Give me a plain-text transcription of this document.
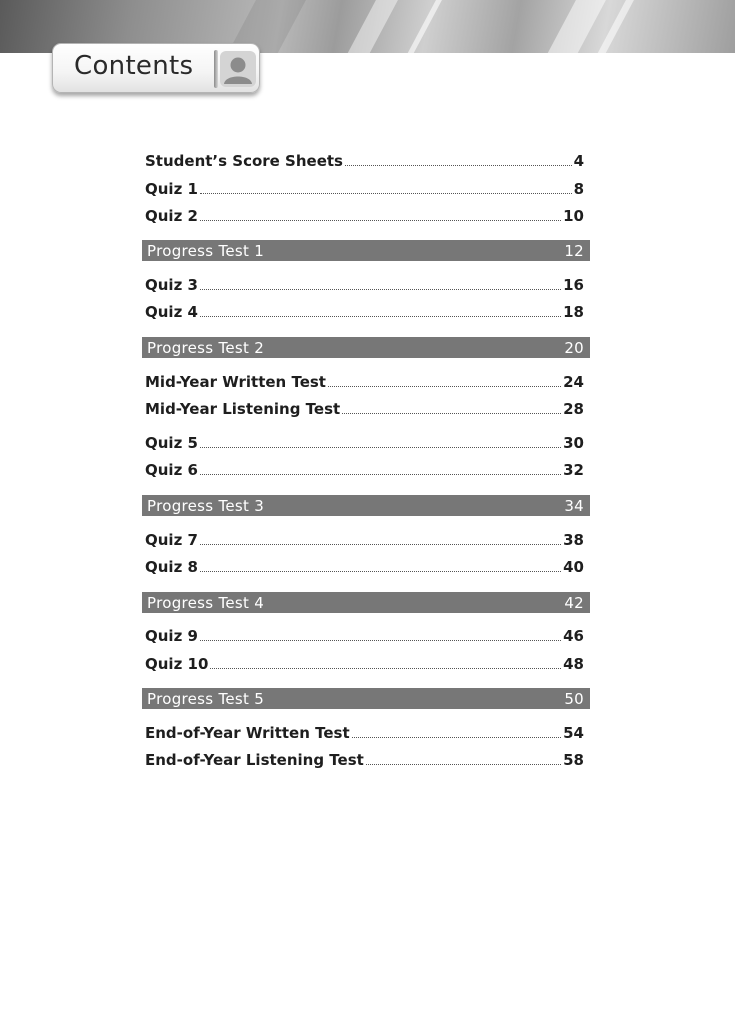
Contents
Student’s Score Sheets	4
Quiz 1	8
Quiz 2	10
Progress Test 1	12
Quiz 3	16
Quiz 4	18
Progress Test 2	20
Mid-Year Written Test	24
Mid-Year Listening Test	28
Quiz 5	30
Quiz 6	32
Progress Test 3	34
Quiz 7	38
Quiz 8	40
Progress Test 4	42
Quiz 9	46
Quiz 10	48
Progress Test 5	50
End-of-Year Written Test	54
End-of-Year Listening Test	58
